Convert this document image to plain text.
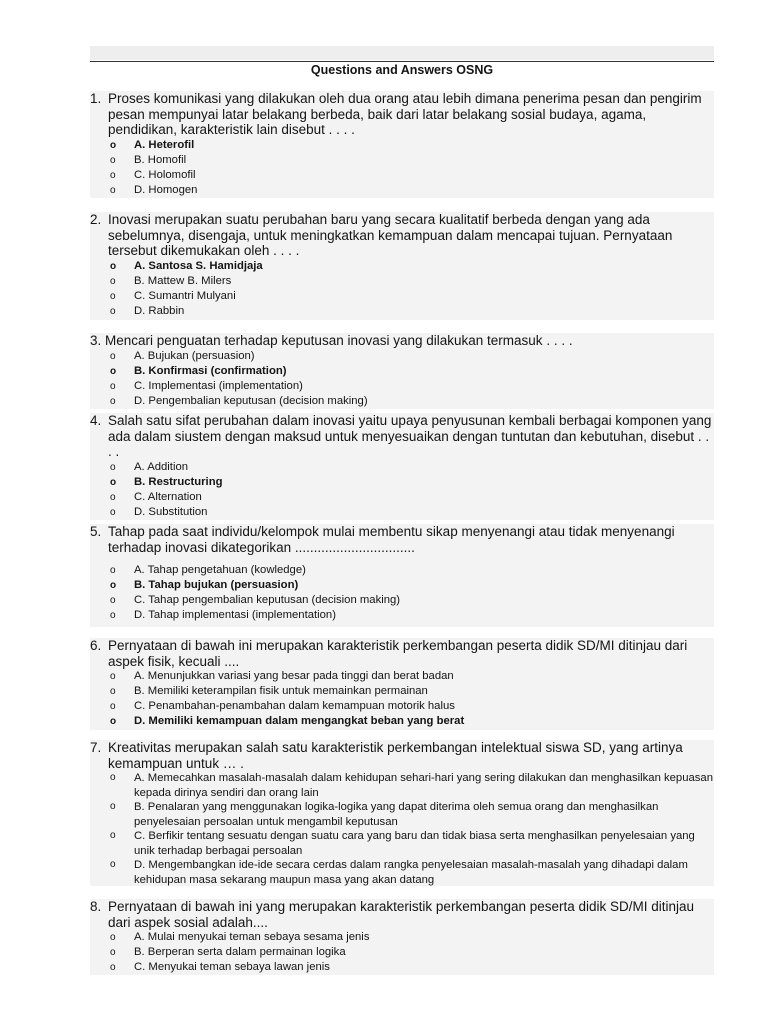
Questions and Answers OSNG
1. Proses komunikasi yang dilakukan oleh dua orang atau lebih dimana penerima pesan dan pengirim pesan mempunyai latar belakang berbeda, baik dari latar belakang sosial budaya, agama, pendidikan, karakteristik lain disebut . . . .
o A. Heterofil
o B. Homofil
o C. Holomofil
o D. Homogen
2. Inovasi merupakan suatu perubahan baru yang secara kualitatif berbeda dengan yang ada sebelumnya, disengaja, untuk meningkatkan kemampuan dalam mencapai tujuan. Pernyataan tersebut dikemukakan oleh . . . .
o A. Santosa S. Hamidjaja
o B. Mattew B. Milers
o C. Sumantri Mulyani
o D. Rabbin
3. Mencari penguatan terhadap keputusan inovasi yang dilakukan termasuk . . . .
o A. Bujukan (persuasion)
o B. Konfirmasi (confirmation)
o C. Implementasi (implementation)
o D. Pengembalian keputusan (decision making)
4. Salah satu sifat perubahan dalam inovasi yaitu upaya penyusunan kembali berbagai komponen yang ada dalam siustem dengan maksud untuk menyesuaikan dengan tuntutan dan kebutuhan, disebut . . . .
o A. Addition
o B. Restructuring
o C. Alternation
o D. Substitution
5. Tahap pada saat individu/kelompok mulai membentu sikap menyenangi atau tidak menyenangi terhadap inovasi dikategorikan ................................
o A. Tahap pengetahuan (kowledge)
o B. Tahap bujukan (persuasion)
o C. Tahap pengembalian keputusan (decision making)
o D. Tahap implementasi (implementation)
6. Pernyataan di bawah ini merupakan karakteristik perkembangan peserta didik SD/MI ditinjau dari aspek fisik, kecuali ....
o A. Menunjukkan variasi yang besar pada tinggi dan berat badan
o B. Memiliki keterampilan fisik untuk memainkan permainan
o C. Penambahan-penambahan dalam kemampuan motorik halus
o D. Memiliki kemampuan dalam mengangkat beban yang berat
7. Kreativitas merupakan salah satu karakteristik perkembangan intelektual siswa SD, yang artinya kemampuan untuk … .
o A. Memecahkan masalah-masalah dalam kehidupan sehari-hari yang sering dilakukan dan menghasilkan kepuasan kepada dirinya sendiri dan orang lain
o B. Penalaran yang menggunakan logika-logika yang dapat diterima oleh semua orang dan menghasilkan penyelesaian persoalan untuk mengambil keputusan
o C. Berfikir tentang sesuatu dengan suatu cara yang baru dan tidak biasa serta menghasilkan penyelesaian yang unik terhadap berbagai persoalan
o D. Mengembangkan ide-ide secara cerdas dalam rangka penyelesaian masalah-masalah yang dihadapi dalam kehidupan masa sekarang maupun masa yang akan datang
8. Pernyataan di bawah ini yang merupakan karakteristik perkembangan peserta didik SD/MI ditinjau dari aspek sosial adalah....
o A. Mulai menyukai teman sebaya sesama jenis
o B. Berperan serta dalam permainan logika
o C. Menyukai teman sebaya lawan jenis
